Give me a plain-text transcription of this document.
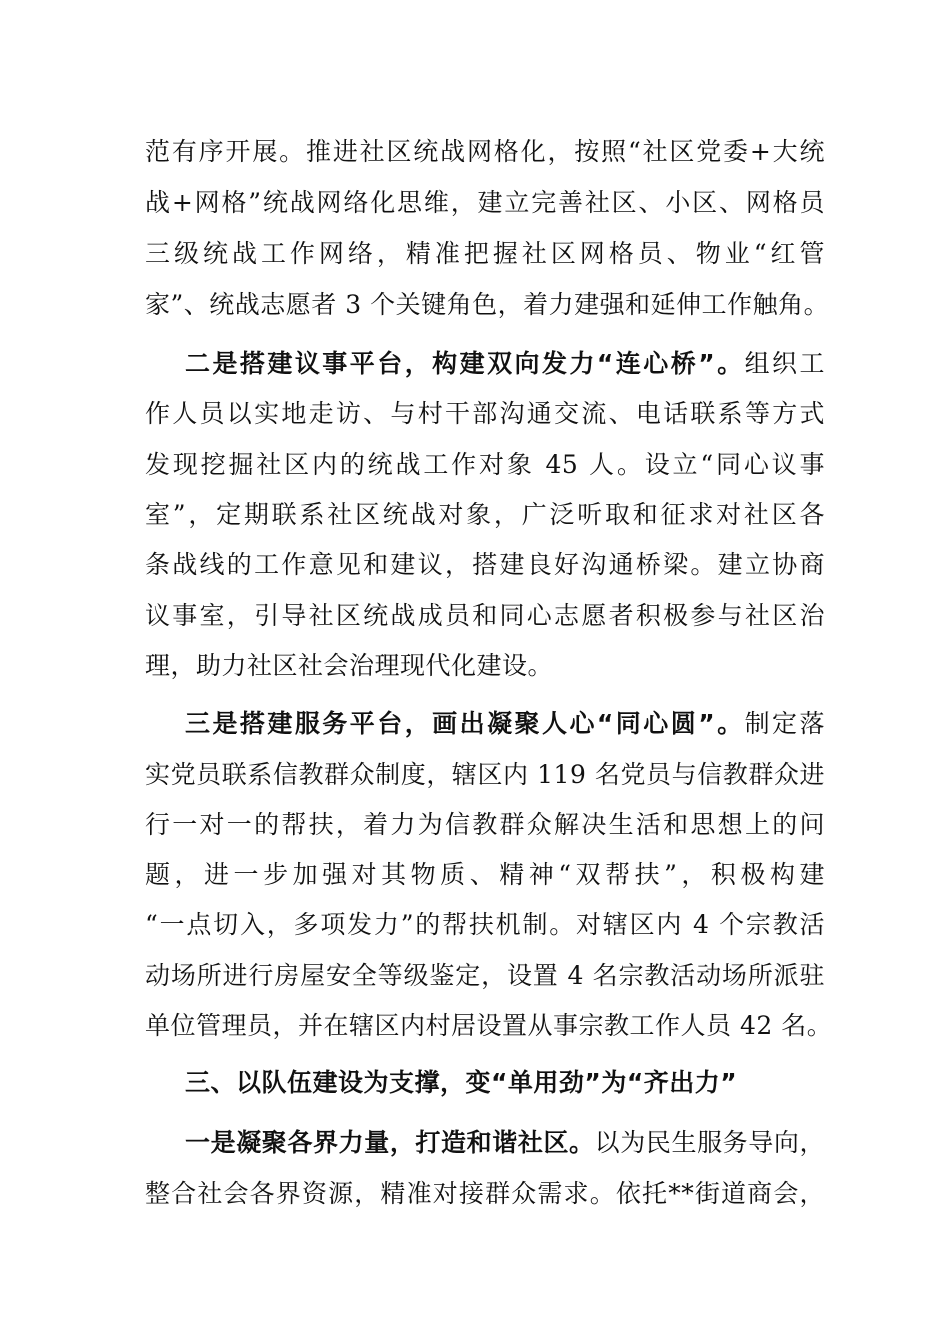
范有序开展。推进社区统战网格化，按照“社区党委+大统
战+网格”统战网络化思维，建立完善社区、小区、网格员
三级统战工作网络，精准把握社区网格员、物业“红管
家”、统战志愿者 3 个关键角色，着力建强和延伸工作触角。
二是搭建议事平台，构建双向发力“连心桥”。组织工
作人员以实地走访、与村干部沟通交流、电话联系等方式
发现挖掘社区内的统战工作对象 45 人。设立“同心议事
室”，定期联系社区统战对象，广泛听取和征求对社区各
条战线的工作意见和建议，搭建良好沟通桥梁。建立协商
议事室，引导社区统战成员和同心志愿者积极参与社区治
理，助力社区社会治理现代化建设。
三是搭建服务平台，画出凝聚人心“同心圆”。制定落
实党员联系信教群众制度，辖区内 119 名党员与信教群众进
行一对一的帮扶，着力为信教群众解决生活和思想上的问
题，进一步加强对其物质、精神“双帮扶”，积极构建
“一点切入，多项发力”的帮扶机制。对辖区内 4 个宗教活
动场所进行房屋安全等级鉴定，设置 4 名宗教活动场所派驻
单位管理员，并在辖区内村居设置从事宗教工作人员 42 名。
三、以队伍建设为支撑，变“单用劲”为“齐出力”
一是凝聚各界力量，打造和谐社区。以为民生服务导向，
整合社会各界资源，精准对接群众需求。依托**街道商会，
